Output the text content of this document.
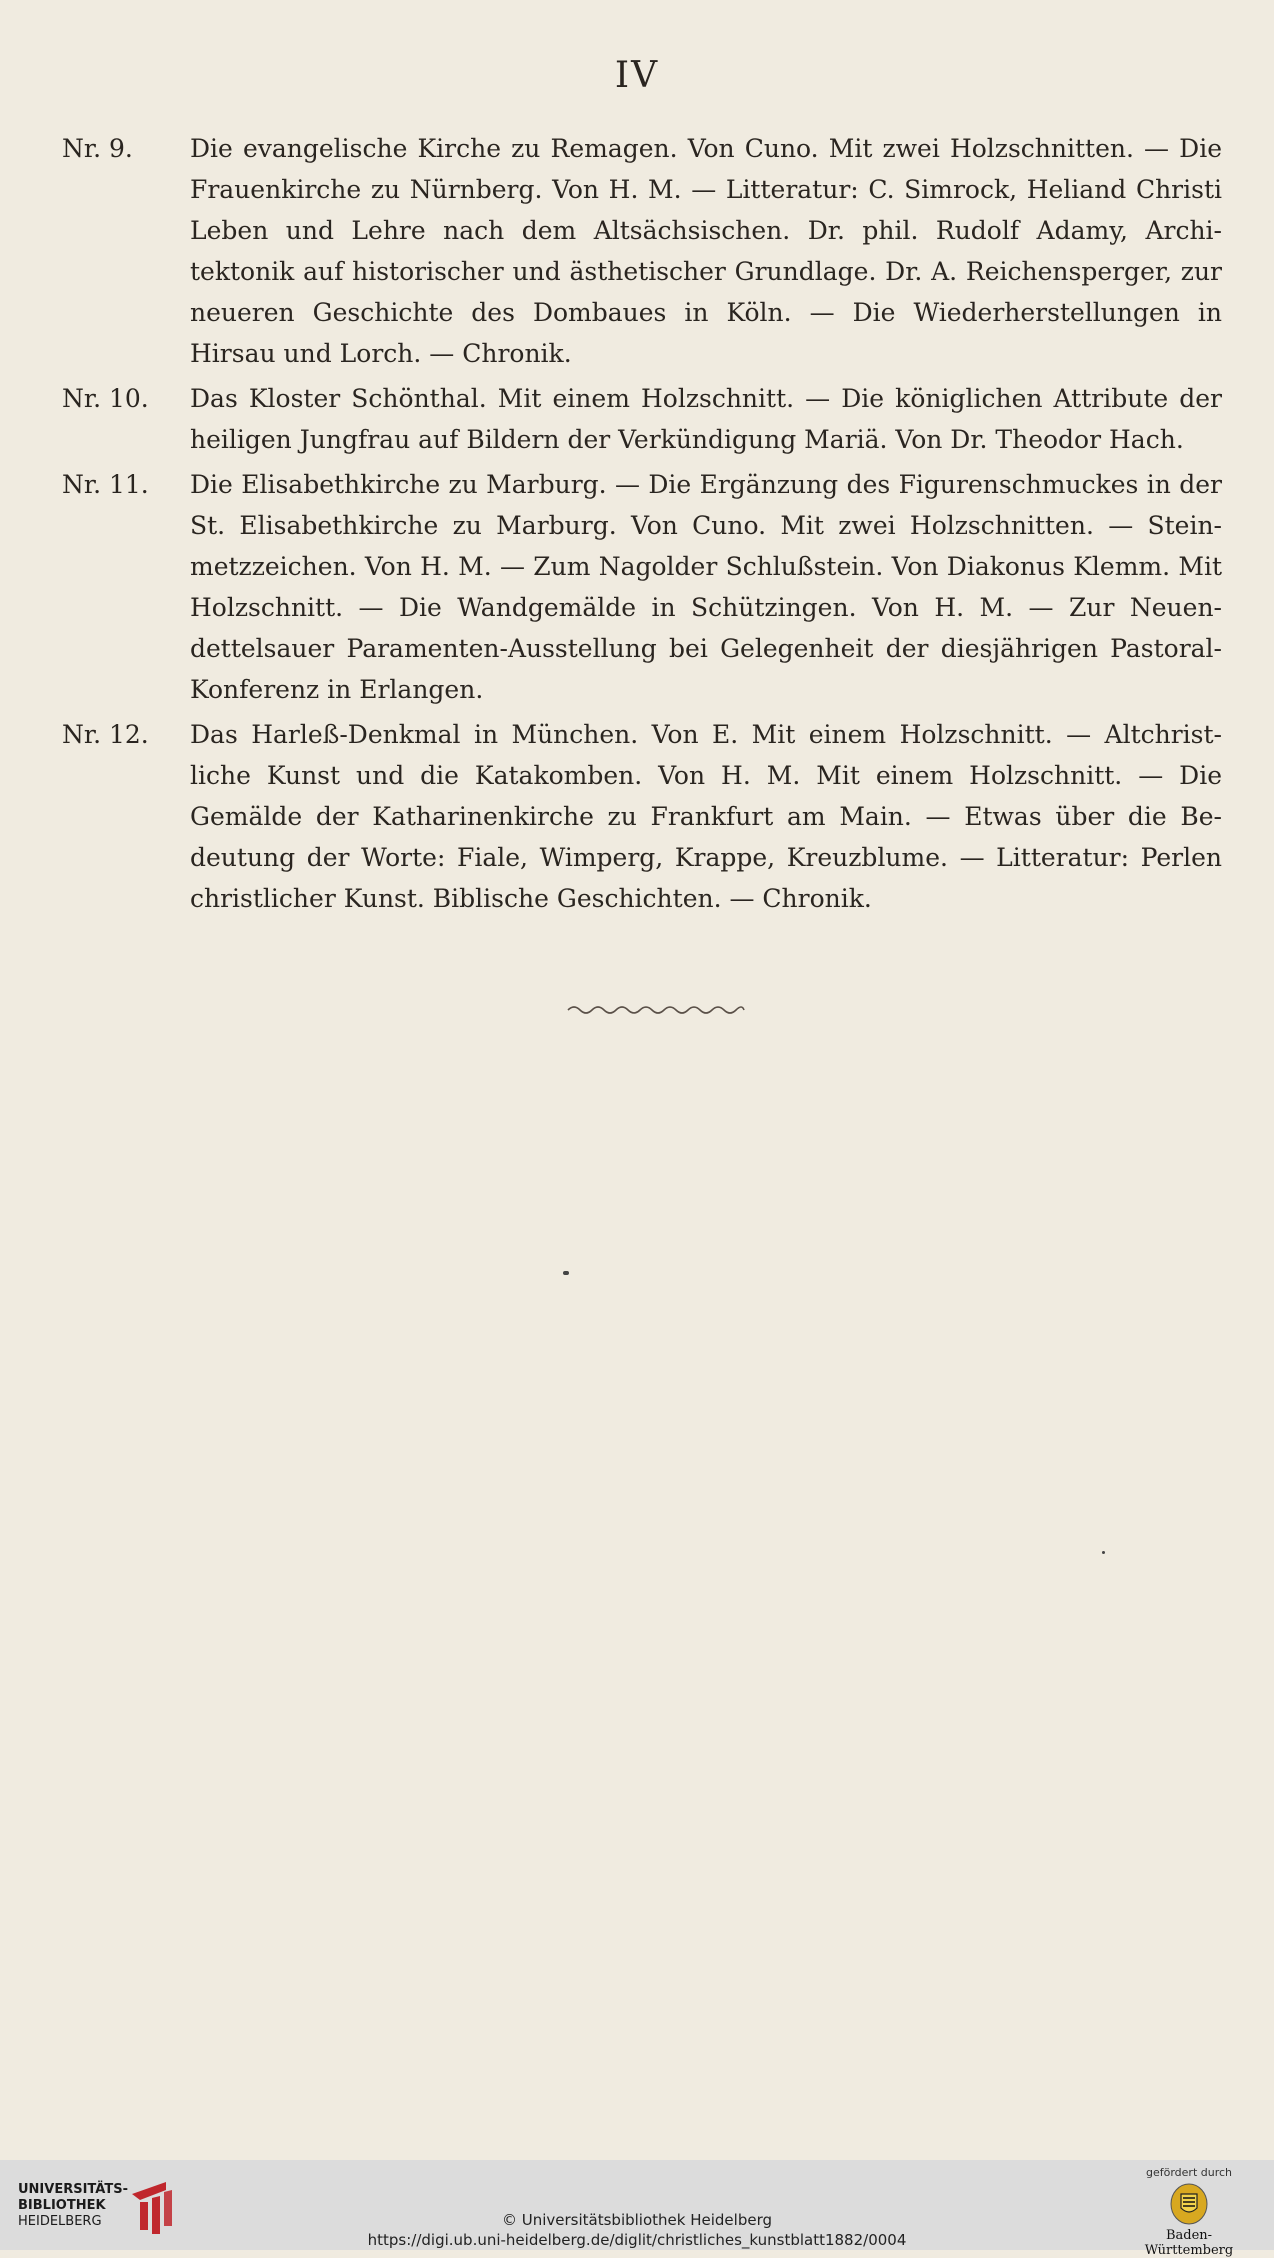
IV
Nr. 9.	Die evangelische Kirche zu Remagen. Von Cuno. Mit zwei Holzschnitten. — Die Frauenkirche zu Nürnberg. Von H. M. — Litteratur: C. Simrock, Heliand Christi Leben und Lehre nach dem Altsächsischen. Dr. phil. Rudolf Adamy, Archi-tektonik auf historischer und ästhetischer Grundlage. Dr. A. Reichensperger, zur neueren Geschichte des Dombaues in Köln. — Die Wiederherstellungen in Hirsau und Lorch. — Chronik.
Nr. 10.	Das Kloster Schönthal. Mit einem Holzschnitt. — Die königlichen Attribute der heiligen Jungfrau auf Bildern der Verkündigung Mariä. Von Dr. Theodor Hach.
Nr. 11.	Die Elisabethkirche zu Marburg. — Die Ergänzung des Figurenschmuckes in der St. Elisabethkirche zu Marburg. Von Cuno. Mit zwei Holzschnitten. — Stein-metzzeichen. Von H. M. — Zum Nagolder Schlußstein. Von Diakonus Klemm. Mit Holzschnitt. — Die Wandgemälde in Schützingen. Von H. M. — Zur Neuen-dettelsauer Paramenten-Ausstellung bei Gelegenheit der diesjährigen Pastoral-Konferenz in Erlangen.
Nr. 12.	Das Harleß-Denkmal in München. Von E. Mit einem Holzschnitt. — Altchrist-liche Kunst und die Katakomben. Von H. M. Mit einem Holzschnitt. — Die Gemälde der Katharinenkirche zu Frankfurt am Main. — Etwas über die Be-deutung der Worte: Fiale, Wimperg, Krappe, Kreuzblume. — Litteratur: Perlen christlicher Kunst. Biblische Geschichten. — Chronik.
UNIVERSITÄTS-
BIBLIOTHEK
HEIDELBERG	© Universitätsbibliothek Heidelberg
https://digi.ub.uni-heidelberg.de/diglit/christliches_kunstblatt1882/0004
gefördert durch
Baden-Württemberg
